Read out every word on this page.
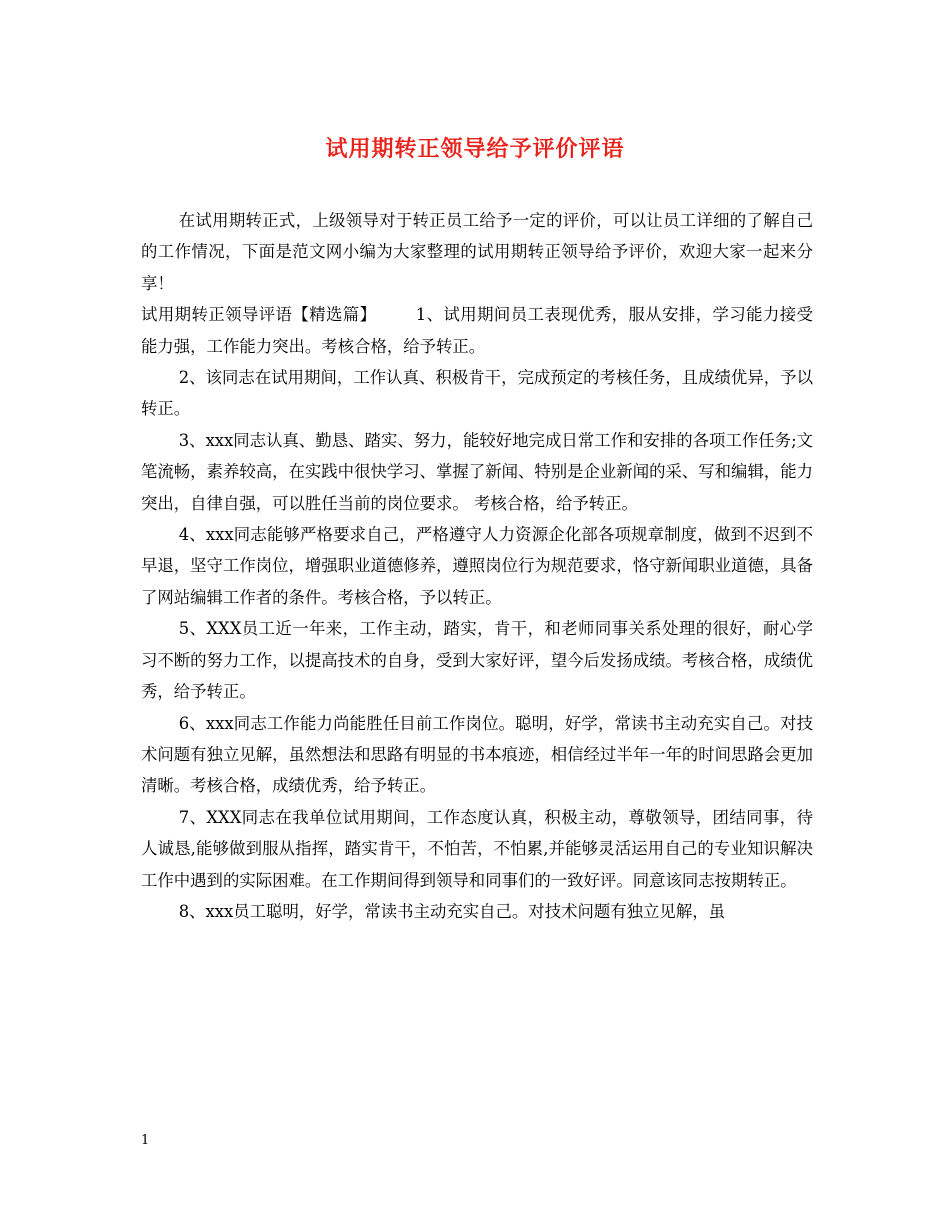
试用期转正领导给予评价评语

在试用期转正式，上级领导对于转正员工给予一定的评价，可以让员工详细的了解自己的工作情况，下面是范文网小编为大家整理的试用期转正领导给予评价，欢迎大家一起来分享！

试用期转正领导评语【精选篇】 1、试用期间员工表现优秀，服从安排，学习能力接受能力强，工作能力突出。考核合格，给予转正。

2、该同志在试用期间，工作认真、积极肯干，完成预定的考核任务，且成绩优异，予以转正。

3、xxx同志认真、勤恳、踏实、努力，能较好地完成日常工作和安排的各项工作任务;文笔流畅，素养较高，在实践中很快学习、掌握了新闻、特别是企业新闻的采、写和编辑，能力突出，自律自强，可以胜任当前的岗位要求。 考核合格，给予转正。

4、xxx同志能够严格要求自己，严格遵守人力资源企化部各项规章制度，做到不迟到不早退，坚守工作岗位，增强职业道德修养，遵照岗位行为规范要求，恪守新闻职业道德，具备了网站编辑工作者的条件。考核合格，予以转正。

5、XXX员工近一年来，工作主动，踏实，肯干，和老师同事关系处理的很好，耐心学习不断的努力工作，以提高技术的自身，受到大家好评，望今后发扬成绩。考核合格，成绩优秀，给予转正。

6、xxx同志工作能力尚能胜任目前工作岗位。聪明，好学，常读书主动充实自己。对技术问题有独立见解，虽然想法和思路有明显的书本痕迹，相信经过半年一年的时间思路会更加清晰。考核合格，成绩优秀，给予转正。

7、XXX同志在我单位试用期间，工作态度认真，积极主动，尊敬领导，团结同事，待人诚恳,能够做到服从指挥，踏实肯干，不怕苦，不怕累,并能够灵活运用自己的专业知识解决工作中遇到的实际困难。在工作期间得到领导和同事们的一致好评。同意该同志按期转正。

8、xxx员工聪明，好学，常读书主动充实自己。对技术问题有独立见解，虽

1
